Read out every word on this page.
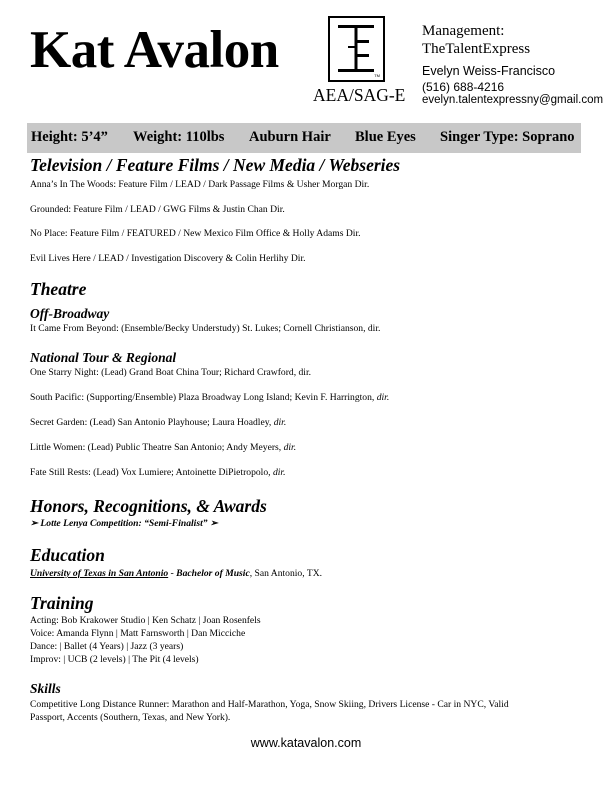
Kat Avalon	TM
AEA/SAG-E
Management:
TheTalentExpress
Evelyn Weiss-Francisco
(516) 688-4216
evelyn.talentexpressny@gmail.com
Height: 5’4” Weight: 110lbs Auburn Hair Blue Eyes Singer Type: Soprano
Television / Feature Films / New Media / Webseries
Anna’s In The Woods: Feature Film / LEAD / Dark Passage Films & Usher Morgan Dir.
Grounded: Feature Film / LEAD / GWG Films & Justin Chan Dir.
No Place: Feature Film / FEATURED / New Mexico Film Office & Holly Adams Dir.
Evil Lives Here / LEAD / Investigation Discovery & Colin Herlihy Dir.
Theatre
Off-Broadway
It Came From Beyond: (Ensemble/Becky Understudy) St. Lukes; Cornell Christianson, dir.
National Tour & Regional
One Starry Night: (Lead) Grand Boat China Tour; Richard Crawford, dir.
South Pacific: (Supporting/Ensemble) Plaza Broadway Long Island; Kevin F. Harrington, dir.
Secret Garden: (Lead) San Antonio Playhouse; Laura Hoadley, dir.
Little Women: (Lead) Public Theatre San Antonio; Andy Meyers, dir.
Fate Still Rests: (Lead) Vox Lumiere; Antoinette DiPietropolo, dir.
Honors, Recognitions, & Awards
➢ Lotte Lenya Competition: “Semi-Finalist” ➢
Education
University of Texas in San Antonio - Bachelor of Music, San Antonio, TX.
Training
Acting: Bob Krakower Studio | Ken Schatz | Joan Rosenfels
Voice: Amanda Flynn | Matt Farnsworth | Dan Micciche
Dance: | Ballet (4 Years) | Jazz (3 years)
Improv: | UCB (2 levels) | The Pit (4 levels)
Skills
Competitive Long Distance Runner: Marathon and Half-Marathon, Yoga, Snow Skiing, Drivers License - Car in NYC, Valid
Passport, Accents (Southern, Texas, and New York).
www.katavalon.com
